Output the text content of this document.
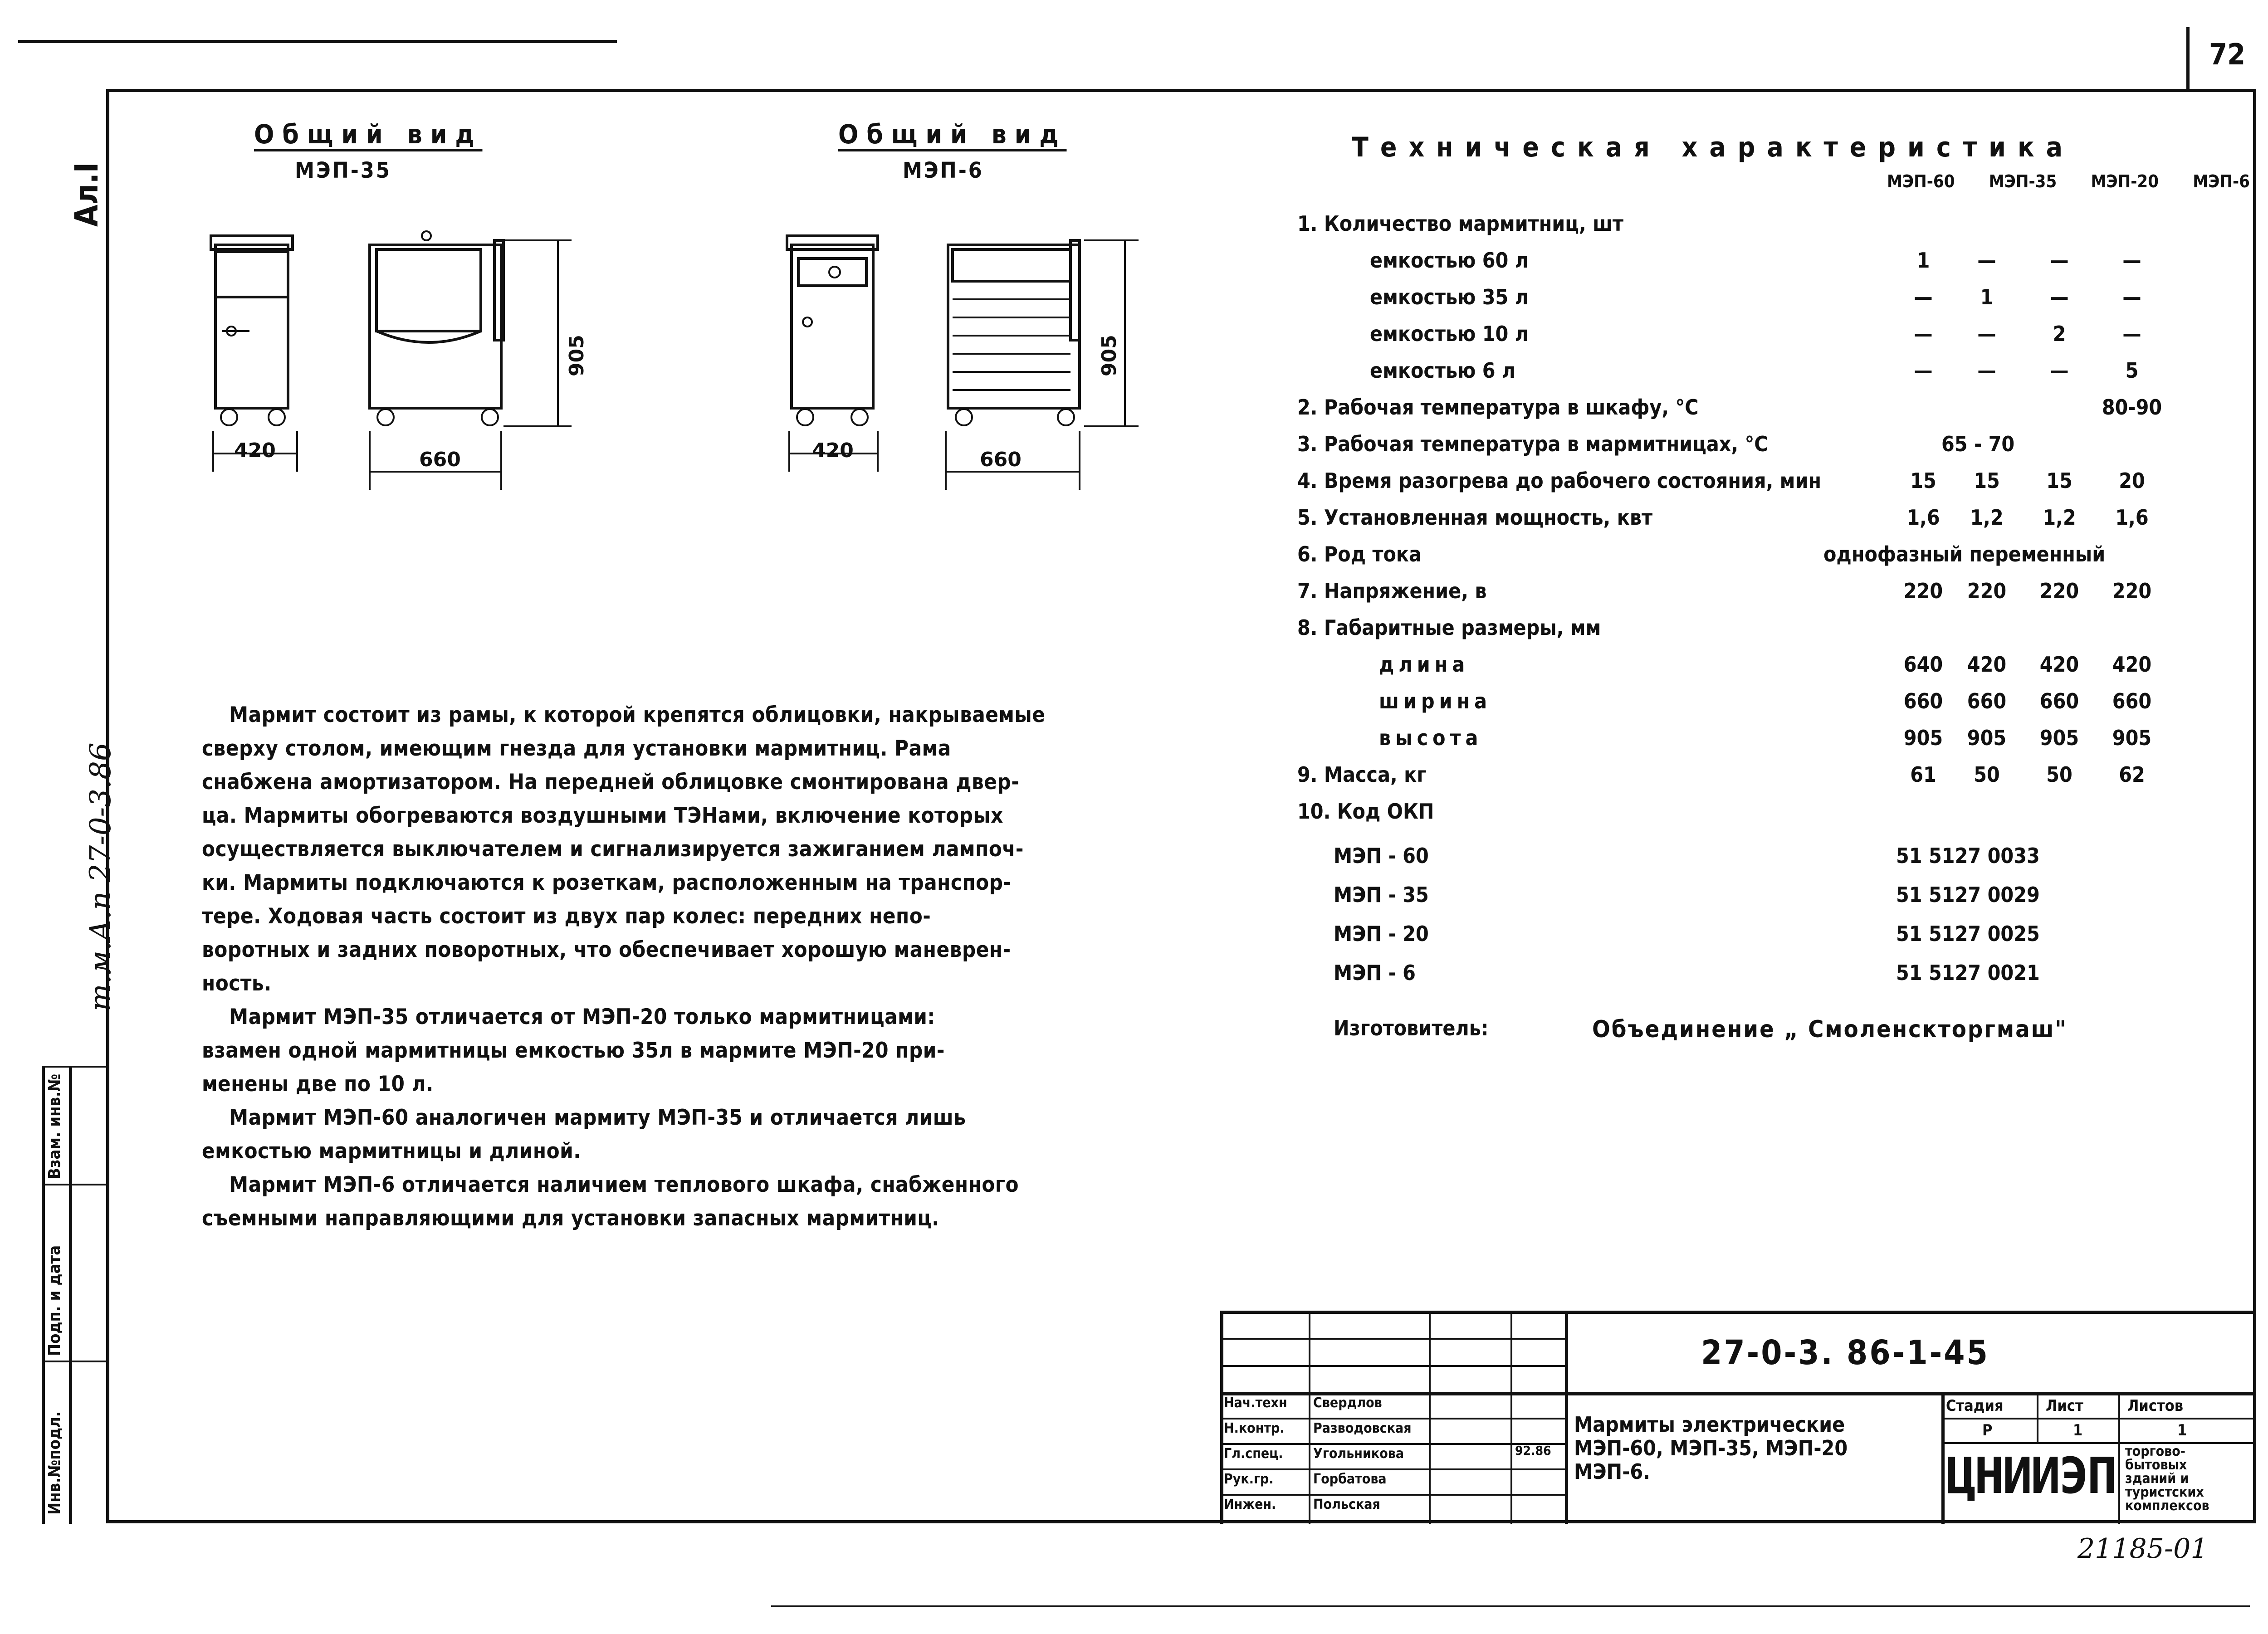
72
Ал.I
т.м.А.п 27-0-3.86
Инв.№подл.
Подп. и дата
Взам. инв.№
Общий вид
МЭП-35
420	660
905
Общий вид
МЭП-6
420	660
905
Мармит состоит из рамы, к которой крепятся облицовки, накрываемые
сверху столом, имеющим гнезда для установки мармитниц. Рама
снабжена амортизатором. На передней облицовке смонтирована двер-
ца. Мармиты обогреваются воздушными ТЭНами, включение которых
осуществляется выключателем и сигнализируется зажиганием лампоч-
ки. Мармиты подключаются к розеткам, расположенным на транспор-
тере. Ходовая часть состоит из двух пар колес: передних непо-
воротных и задних поворотных, что обеспечивает хорошую маневрен-
ность.
Мармит МЭП-35 отличается от МЭП-20 только мармитницами:
взамен одной мармитницы емкостью 35л в мармите МЭП-20 при-
менены две по 10 л.
Мармит МЭП-60 аналогичен мармиту МЭП-35 и отличается лишь
емкостью мармитницы и длиной.
Мармит МЭП-6 отличается наличием теплового шкафа, снабженного
съемными направляющими для установки запасных мармитниц.
Техническая характеристика
МЭП-60 МЭП-35 МЭП-20 МЭП-6
1. Количество мармитниц, шт
емкостью 60 л	1	—	—	—
емкостью 35 л	—	1	—	—
емкостью 10 л	—	—	2	—
емкостью 6 л	—	—	—	5
2. Рабочая температура в шкафу, °С	80-90
3. Рабочая температура в мармитницах, °С	65 - 70
4. Время разогрева до рабочего состояния, мин	15	15	15	20
5. Установленная мощность, квт	1,6	1,2	1,2	1,6
6. Род тока	однофазный переменный
7. Напряжение, в	220	220	220	220
8. Габаритные размеры, мм
длина	640	420	420	420
ширина	660	660	660	660
высота	905	905	905	905
9. Масса, кг	61	50	50	62
10. Код ОКП
МЭП - 60	51 5127 0033
МЭП - 35	51 5127 0029
МЭП - 20	51 5127 0025
МЭП - 6	51 5127 0021
Изготовитель:	Объединение „ Смоленскторгмаш"
27-0-3. 86-1-45
Нач.техн Свердлов
Н.контр. Разводовская
Гл.спец. Угольникова
Рук.гр.	Горбатова
Инжен.	Польская
92.86
Мармиты электрические
МЭП-60, МЭП-35, МЭП-20
МЭП-6.
Стадия	Лист	Листов
Р	1	1
ЦНИИЭП торгово-
бытовых
зданий и
туристских
комплексов
21185-01
